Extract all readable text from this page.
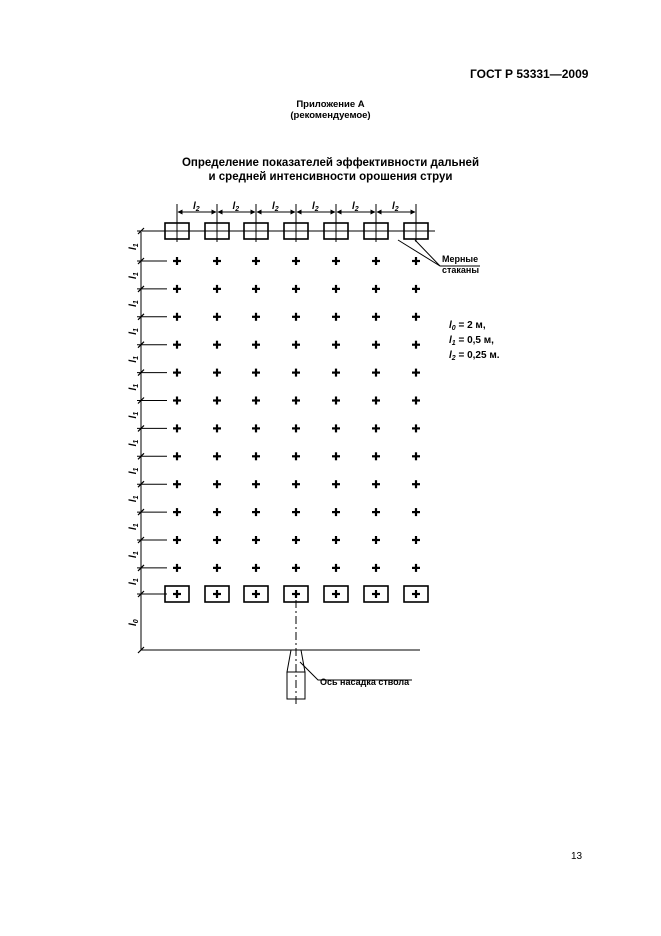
ГОСТ Р 53331—2009
Приложение А
(рекомендуемое)
Определение показателей эффективности дальней
и средней интенсивности орошения струи
$l_1$
$l_1$
$l_1$
$l_1$
$l_1$
$l_1$
$l_1$
$l_1$
$l_1$
$l_1$
$l_1$
$l_1$
$l_1$
$l_0$
$l_2$	$l_2$	$l_2$	$l_2$	$l_2$	$l_2$
Мерные
стаканы
Ось насадка ствола
$l_0 = 2$ м,
$l_1 = 0,5$ м,
$l_2 = 0,25$ м.
13
